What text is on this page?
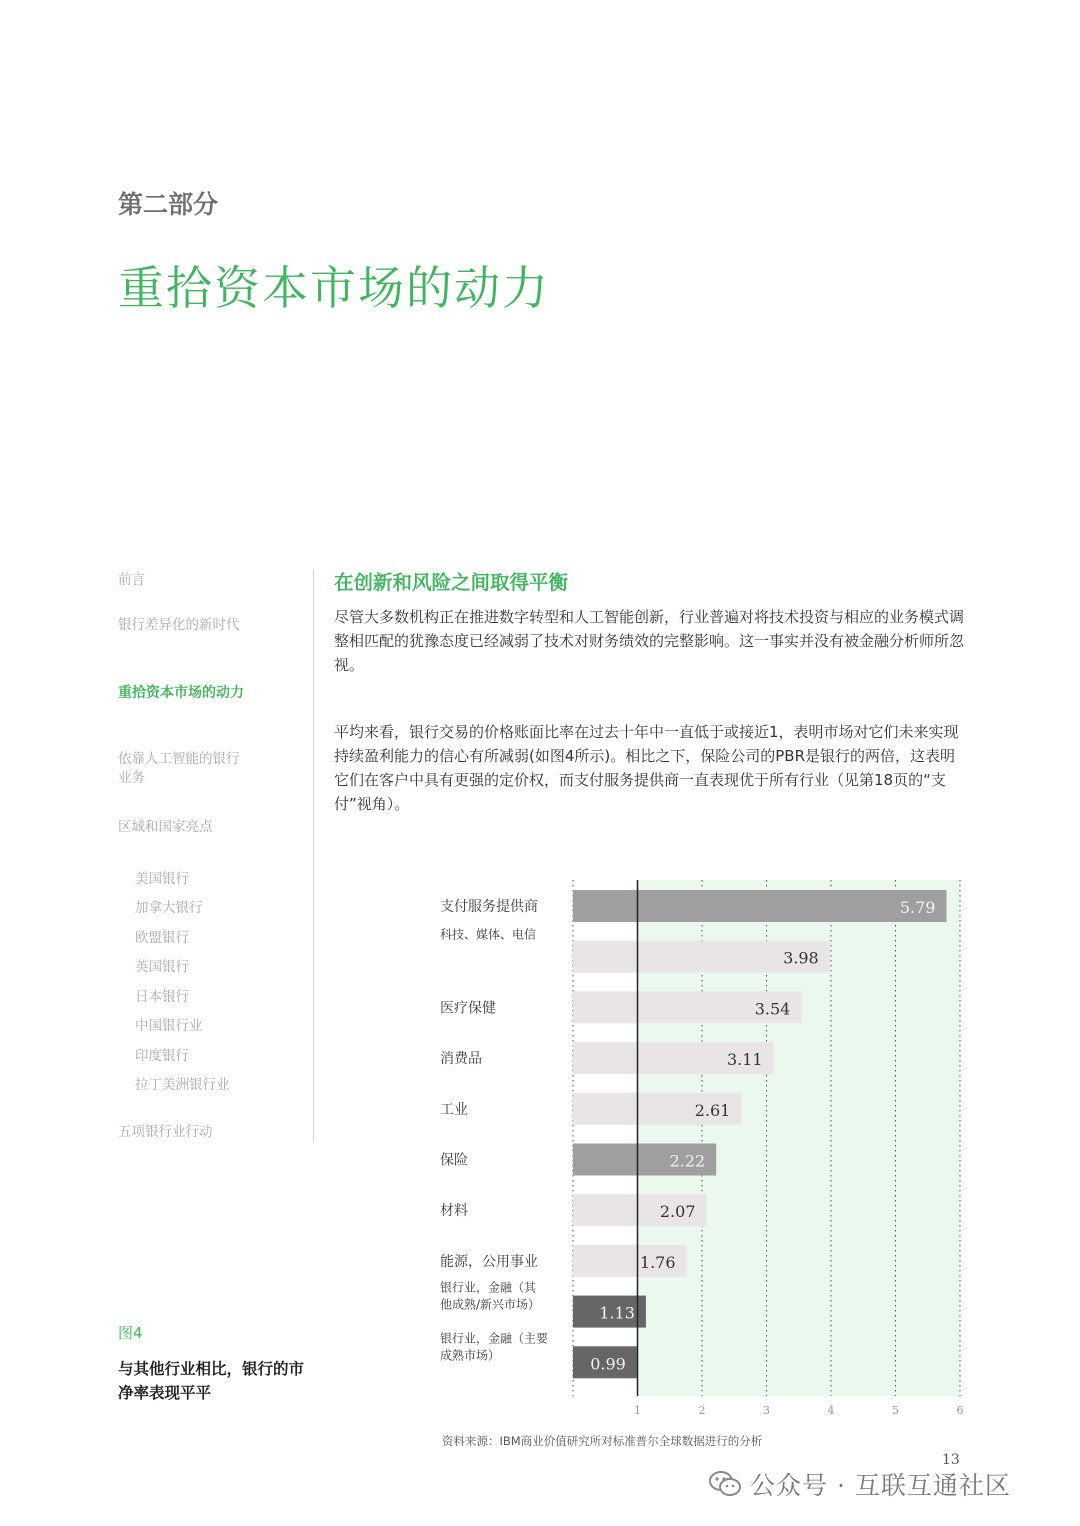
第二部分
重拾资本市场的动力
前言
银行差异化的新时代
重拾资本市场的动力
依靠人工智能的银行
业务
区域和国家亮点
美国银行
加拿大银行
欧盟银行
英国银行
日本银行
中国银行业
印度银行
拉丁美洲银行业
五项银行业行动
在创新和风险之间取得平衡
尽管大多数机构正在推进数字转型和人工智能创新，行业普遍对将技术投资与相应的业务模式调整相匹配的犹豫态度已经减弱了技术对财务绩效的完整影响。这一事实并没有被金融分析师所忽视。
平均来看，银行交易的价格账面比率在过去十年中一直低于或接近1，表明市场对它们未来实现持续盈利能力的信心有所减弱(如图4所示)。相比之下，保险公司的PBR是银行的两倍，这表明它们在客户中具有更强的定价权，而支付服务提供商一直表现优于所有行业（见第18页的“支付”视角）。
图4
与其他行业相比，银行的市净率表现平平
5.79
支付服务提供商
3.98
科技、媒体、电信
3.54
医疗保健
3.11
消费品
2.61
工业
2.22
保险
2.07
材料
1.76
能源，公用事业
1.13
银行业，金融（其
他成熟/新兴市场）
0.99
银行业，金融（主要
成熟市场）
1	2	3	4	5	6
资料来源：IBM商业价值研究所对标准普尔全球数据进行的分析
13
公众号 · 互联互通社区
